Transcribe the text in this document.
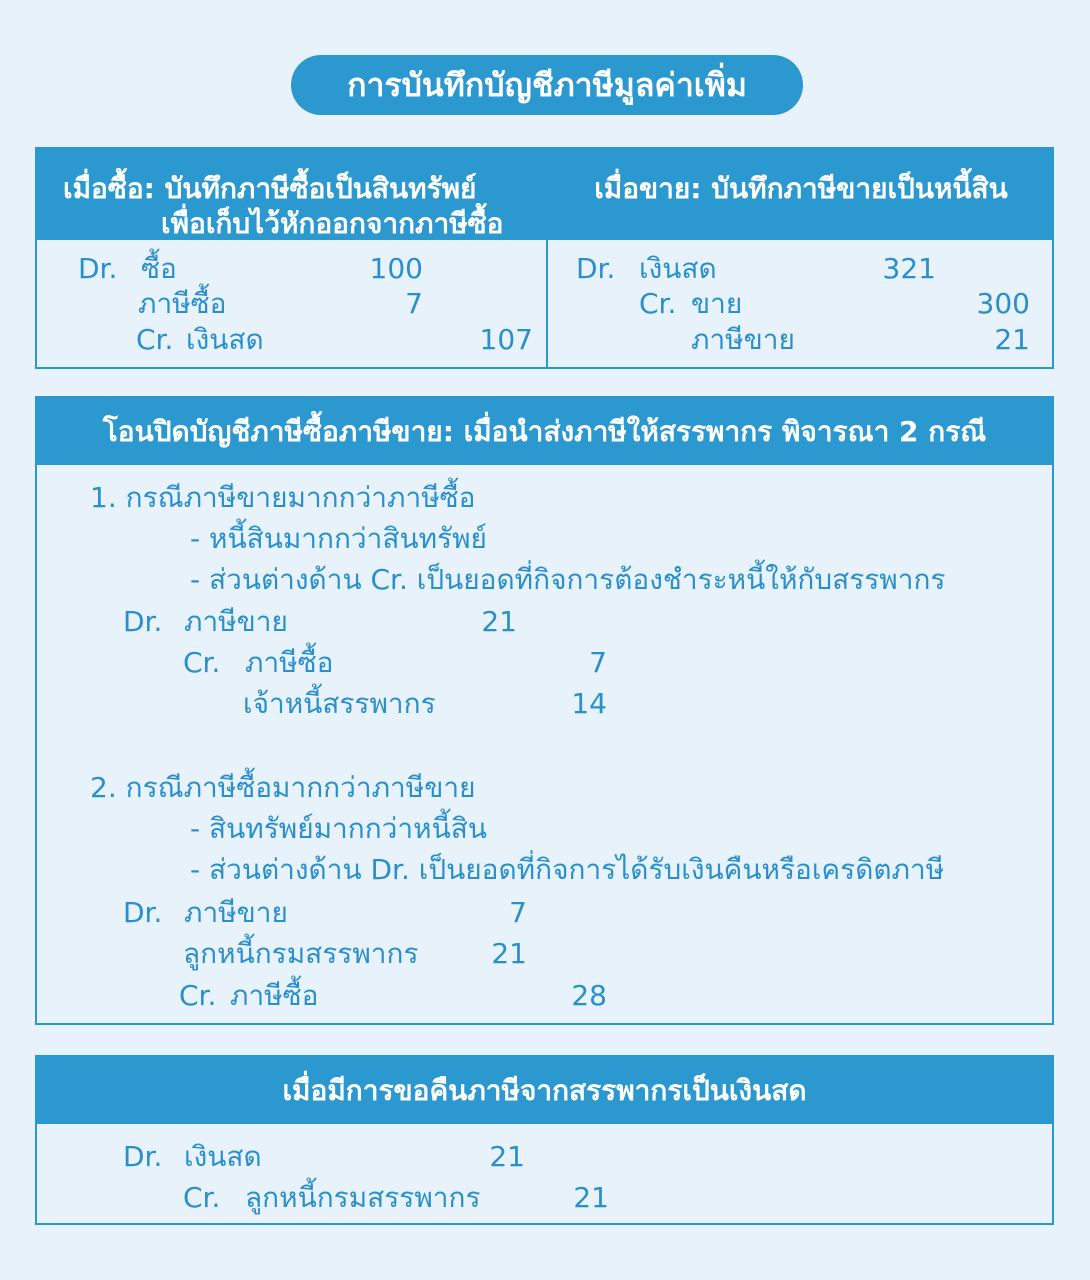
การบันทึกบัญชีภาษีมูลค่าเพิ่ม
เมื่อซื้อ: บันทึกภาษีซื้อเป็นสินทรัพย์
เพื่อเก็บไว้หักออกจากภาษีซื้อ
เมื่อขาย: บันทึกภาษีขายเป็นหนี้สิน
Dr. ซื้อ	100
ภาษีซื้อ	7
Cr. เงินสด	107
Dr. เงินสด	321
Cr. ขาย	300
ภาษีขาย	21
โอนปิดบัญชีภาษีซื้อภาษีขาย: เมื่อนำส่งภาษีให้สรรพากร พิจารณา 2 กรณี
1. กรณีภาษีขายมากกว่าภาษีซื้อ
- หนี้สินมากกว่าสินทรัพย์
- ส่วนต่างด้าน Cr. เป็นยอดที่กิจการต้องชำระหนี้ให้กับสรรพากร
Dr. ภาษีขาย	21
Cr. ภาษีซื้อ	7
เจ้าหนี้สรรพากร	14
2. กรณีภาษีซื้อมากกว่าภาษีขาย
- สินทรัพย์มากกว่าหนี้สิน
- ส่วนต่างด้าน Dr. เป็นยอดที่กิจการได้รับเงินคืนหรือเครดิตภาษี
Dr. ภาษีขาย	7
ลูกหนี้กรมสรรพากร	21
Cr. ภาษีซื้อ	28
เมื่อมีการขอคืนภาษีจากสรรพากรเป็นเงินสด
Dr. เงินสด	21
Cr. ลูกหนี้กรมสรรพากร	21
